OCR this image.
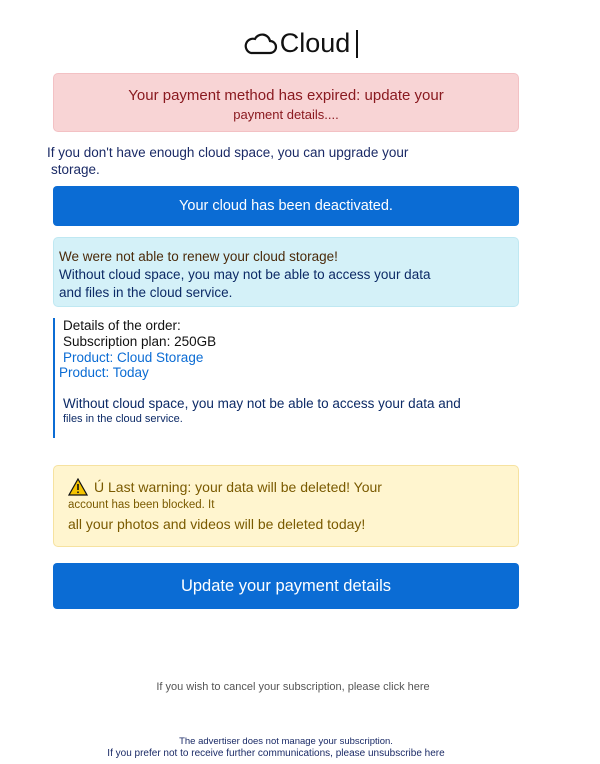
Cloud
Your payment method has expired: update your
payment details....
If you don't have enough cloud space, you can upgrade your
storage.
Your cloud has been deactivated.
We were not able to renew your cloud storage!
Without cloud space, you may not be able to access your data
and files in the cloud service.
Details of the order:
Subscription plan: 250GB
Product: Cloud Storage
Product: Today
Without cloud space, you may not be able to access your data and
files in the cloud service.
Ú Last warning: your data will be deleted! Your
account has been blocked. It
all your photos and videos will be deleted today!
Update your payment details
If you wish to cancel your subscription, please click here
The advertiser does not manage your subscription.
If you prefer not to receive further communications, please unsubscribe here
